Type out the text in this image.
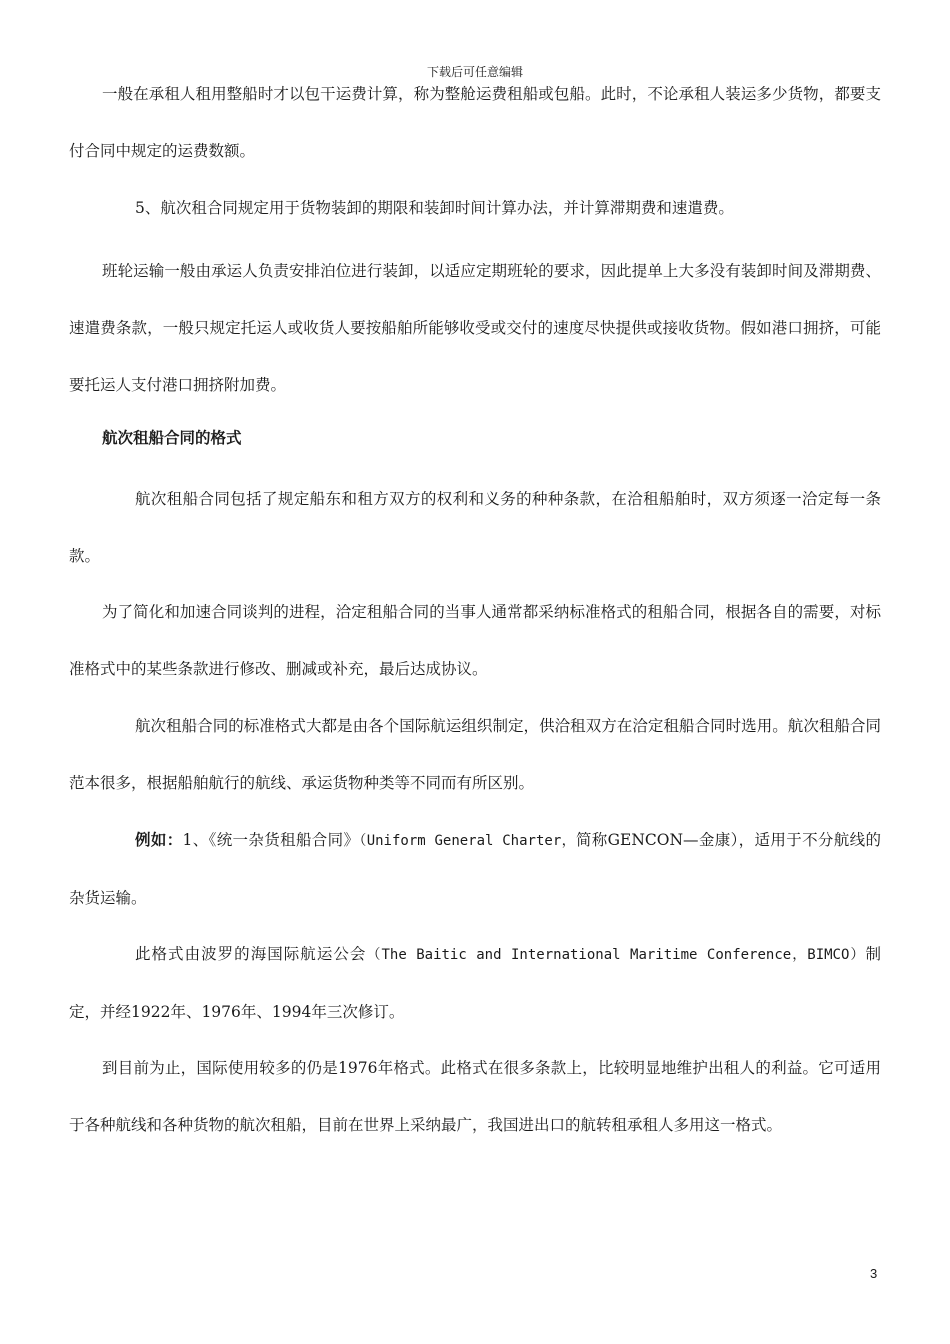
下载后可任意编辑

一般在承租人租用整船时才以包干运费计算，称为整舱运费租船或包船。此时，不论承租人装运多少货物，都要支付合同中规定的运费数额。

5、航次租合同规定用于货物装卸的期限和装卸时间计算办法，并计算滞期费和速遣费。

班轮运输一般由承运人负责安排泊位进行装卸，以适应定期班轮的要求，因此提单上大多没有装卸时间及滞期费、速遣费条款，一般只规定托运人或收货人要按船舶所能够收受或交付的速度尽快提供或接收货物。假如港口拥挤，可能要托运人支付港口拥挤附加费。

航次租船合同的格式

航次租船合同包括了规定船东和租方双方的权利和义务的种种条款，在洽租船舶时，双方须逐一洽定每一条款。

为了简化和加速合同谈判的进程，洽定租船合同的当事人通常都采纳标准格式的租船合同，根据各自的需要，对标准格式中的某些条款进行修改、删减或补充，最后达成协议。

航次租船合同的标准格式大都是由各个国际航运组织制定，供洽租双方在洽定租船合同时选用。航次租船合同范本很多，根据船舶航行的航线、承运货物种类等不同而有所区别。

例如：1、《统一杂货租船合同》（Uniform General Charter，简称GENCON—金康），适用于不分航线的杂货运输。

此格式由波罗的海国际航运公会（The Baitic and International Maritime Conference，BIMCO）制定，并经1922年、1976年、1994年三次修订。

到目前为止，国际使用较多的仍是1976年格式。此格式在很多条款上，比较明显地维护出租人的利益。它可适用于各种航线和各种货物的航次租船，目前在世界上采纳最广，我国进出口的航转租承租人多用这一格式。

3
